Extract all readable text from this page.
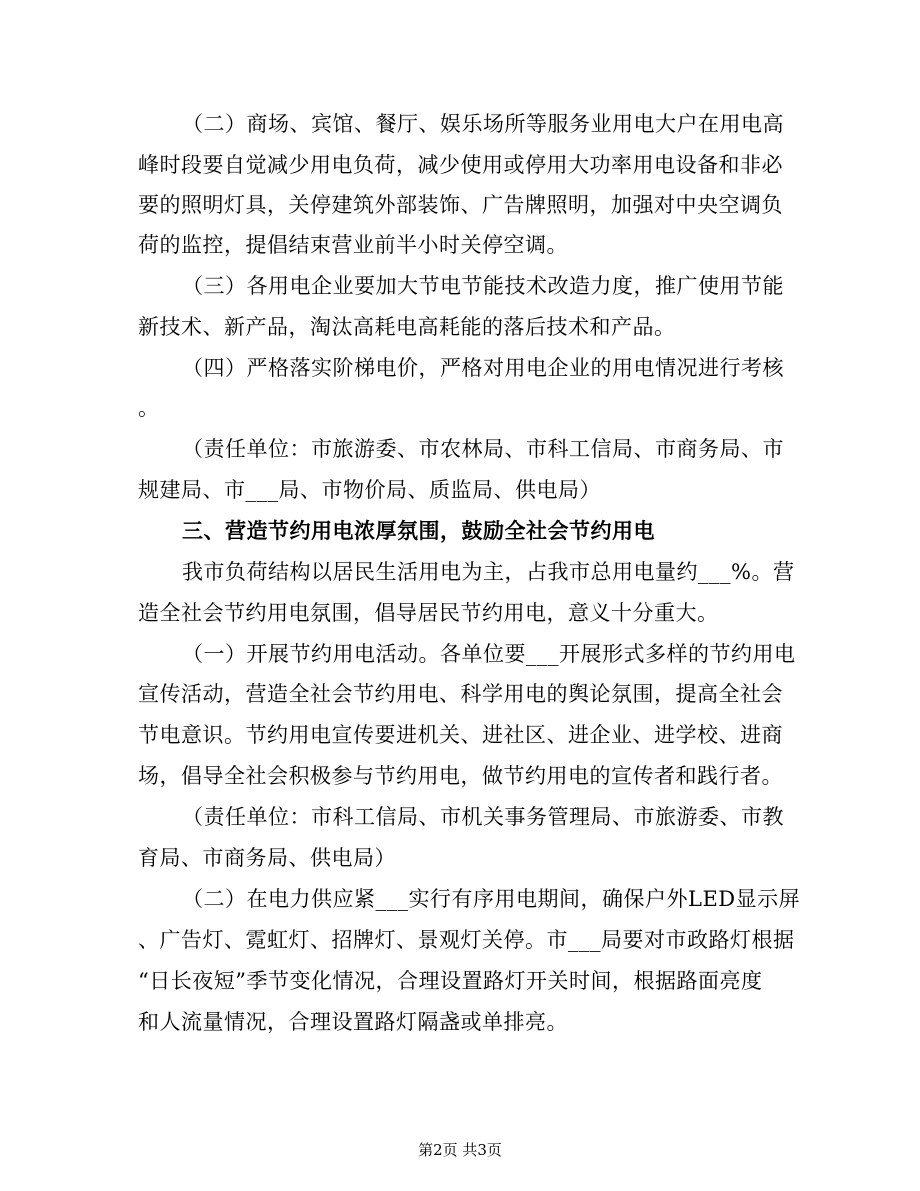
（二）商场、宾馆、餐厅、娱乐场所等服务业用电大户在用电高
峰时段要自觉减少用电负荷，减少使用或停用大功率用电设备和非必
要的照明灯具，关停建筑外部装饰、广告牌照明，加强对中央空调负
荷的监控，提倡结束营业前半小时关停空调。
（三）各用电企业要加大节电节能技术改造力度，推广使用节能
新技术、新产品，淘汰高耗电高耗能的落后技术和产品。
（四）严格落实阶梯电价，严格对用电企业的用电情况进行考核
。
（责任单位：市旅游委、市农林局、市科工信局、市商务局、市
规建局、市___局、市物价局、质监局、供电局）
三、营造节约用电浓厚氛围，鼓励全社会节约用电
我市负荷结构以居民生活用电为主，占我市总用电量约___%。营
造全社会节约用电氛围，倡导居民节约用电，意义十分重大。
（一）开展节约用电活动。各单位要___开展形式多样的节约用电
宣传活动，营造全社会节约用电、科学用电的舆论氛围，提高全社会
节电意识。节约用电宣传要进机关、进社区、进企业、进学校、进商
场，倡导全社会积极参与节约用电，做节约用电的宣传者和践行者。
（责任单位：市科工信局、市机关事务管理局、市旅游委、市教
育局、市商务局、供电局）
（二）在电力供应紧___实行有序用电期间，确保户外LED显示屏
、广告灯、霓虹灯、招牌灯、景观灯关停。市___局要对市政路灯根据
“日长夜短”季节变化情况，合理设置路灯开关时间，根据路面亮度
和人流量情况，合理设置路灯隔盏或单排亮。
第2页 共3页
